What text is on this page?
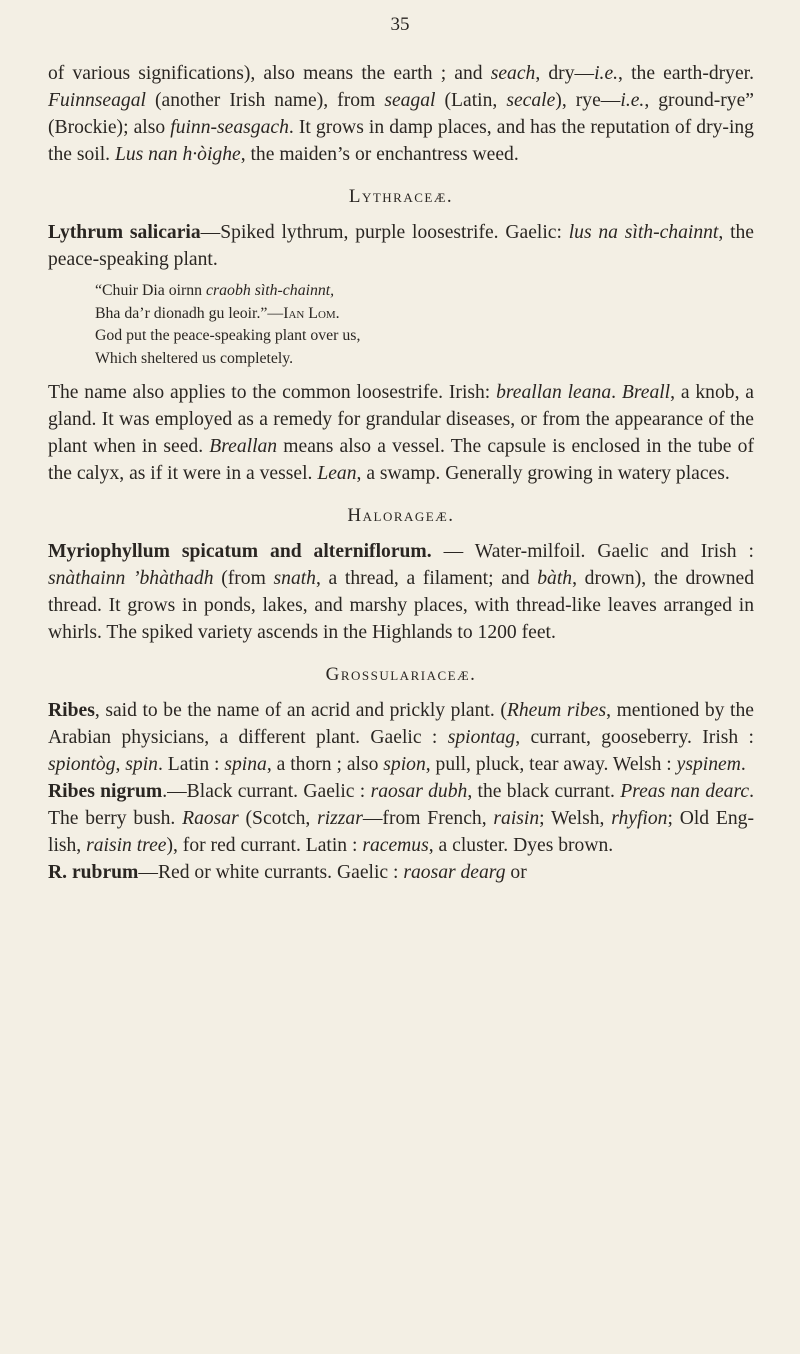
35

of various significations), also means the earth ; and seach, dry—i.e., the earth-dryer. Fuinnseagal (another Irish name), from seagal (Latin, secale), rye—i.e., ground-rye” (Brockie); also fuinn-seasgach. It grows in damp places, and has the reputation of dry-ing the soil. Lus nan h·òighe, the maiden’s or enchantress weed.

Lythraceæ.

Lythrum salicaria—Spiked lythrum, purple loosestrife. Gaelic: lus na sìth-chainnt, the peace-speaking plant.

“Chuir Dia oirnn craobh sìth-chainnt,
Bha da’r dionadh gu leoir.”—Ian Lom.
God put the peace-speaking plant over us,
Which sheltered us completely.

The name also applies to the common loosestrife. Irish: breallan leana. Breall, a knob, a gland. It was employed as a remedy for grandular diseases, or from the appearance of the plant when in seed. Breallan means also a vessel. The capsule is enclosed in the tube of the calyx, as if it were in a vessel. Lean, a swamp. Generally growing in watery places.

Halorageæ.

Myriophyllum spicatum and alterniflorum. — Water-milfoil. Gaelic and Irish : snàthainn ’bhàthadh (from snath, a thread, a filament; and bàth, drown), the drowned thread. It grows in ponds, lakes, and marshy places, with thread-like leaves arranged in whirls. The spiked variety ascends in the Highlands to 1200 feet.

Grossulariaceæ.

Ribes, said to be the name of an acrid and prickly plant. (Rheum ribes, mentioned by the Arabian physicians, a different plant. Gaelic : spiontag, currant, gooseberry. Irish : spiontòg, spin. Latin : spina, a thorn ; also spion, pull, pluck, tear away. Welsh : yspinem.

Ribes nigrum.—Black currant. Gaelic : raosar dubh, the black currant. Preas nan dearc. The berry bush. Raosar (Scotch, rizzar—from French, raisin; Welsh, rhyfion; Old Eng-lish, raisin tree), for red currant. Latin : racemus, a cluster. Dyes brown.

R. rubrum—Red or white currants. Gaelic : raosar dearg or
